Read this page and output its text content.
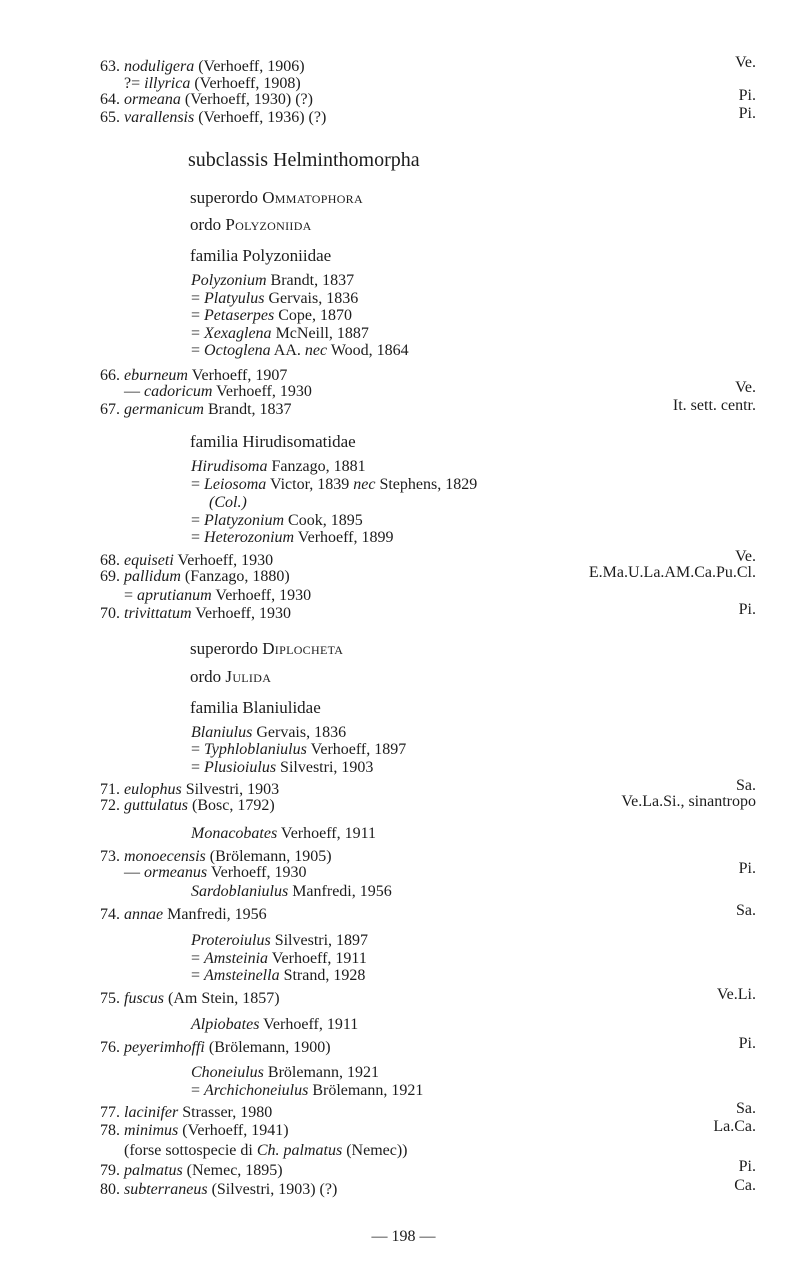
63. noduligera (Verhoeff, 1906)	Ve.
?= illyrica (Verhoeff, 1908)
64. ormeana (Verhoeff, 1930) (?)	Pi.
65. varallensis (Verhoeff, 1936) (?)	Pi.
subclassis Helminthomorpha
superordo Ommatophora
ordo Polyzoniida
familia Polyzoniidae
Polyzonium Brandt, 1837
= Platyulus Gervais, 1836
= Petaserpes Cope, 1870
= Xexaglena McNeill, 1887
= Octoglena AA. nec Wood, 1864
66. eburneum Verhoeff, 1907
— cadoricum Verhoeff, 1930	Ve.
67. germanicum Brandt, 1837	It. sett. centr.
familia Hirudisomatidae
Hirudisoma Fanzago, 1881
= Leiosoma Victor, 1839 nec Stephens, 1829
(Col.)
= Platyzonium Cook, 1895
= Heterozonium Verhoeff, 1899
68. equiseti Verhoeff, 1930	Ve.
69. pallidum (Fanzago, 1880)	E.Ma.U.La.AM.Ca.Pu.Cl.
= aprutianum Verhoeff, 1930
70. trivittatum Verhoeff, 1930	Pi.
superordo Diplocheta
ordo Julida
familia Blaniulidae
Blaniulus Gervais, 1836
= Typhloblaniulus Verhoeff, 1897
= Plusioiulus Silvestri, 1903
71. eulophus Silvestri, 1903	Sa.
72. guttulatus (Bosc, 1792)	Ve.La.Si., sinantropo
Monacobates Verhoeff, 1911
73. monoecensis (Brölemann, 1905)
— ormeanus Verhoeff, 1930	Pi.
Sardoblaniulus Manfredi, 1956
74. annae Manfredi, 1956	Sa.
Proteroiulus Silvestri, 1897
= Amsteinia Verhoeff, 1911
= Amsteinella Strand, 1928
75. fuscus (Am Stein, 1857)	Ve.Li.
Alpiobates Verhoeff, 1911
76. peyerimhoffi (Brölemann, 1900)	Pi.
Choneiulus Brölemann, 1921
= Archichoneiulus Brölemann, 1921
77. lacinifer Strasser, 1980	Sa.
78. minimus (Verhoeff, 1941)	La.Ca.
(forse sottospecie di Ch. palmatus (Nemec))
79. palmatus (Nemec, 1895)	Pi.
80. subterraneus (Silvestri, 1903) (?)	Ca.
— 198 —
